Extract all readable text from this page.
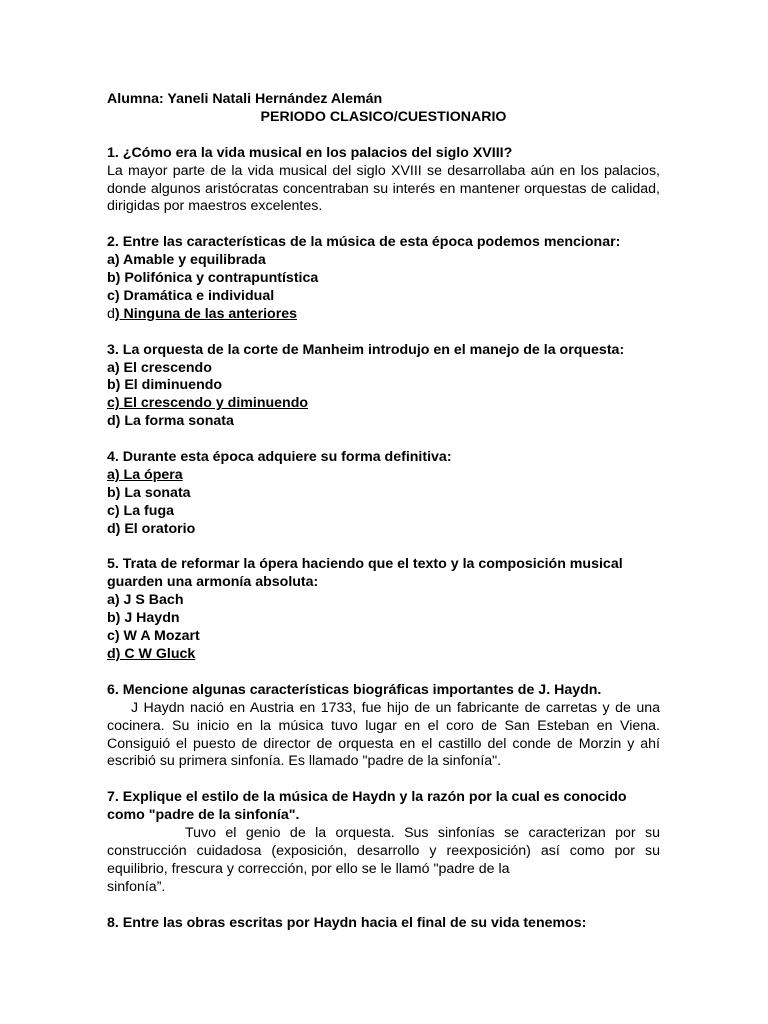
Alumna: Yaneli Natali Hernández Alemán
PERIODO CLASICO/CUESTIONARIO
1. ¿Cómo era la vida musical en los palacios del siglo XVIII?
La mayor parte de la vida musical del siglo XVIII se desarrollaba aún en los palacios, donde algunos aristócratas concentraban su interés en mantener orquestas de calidad, dirigidas por maestros excelentes.
2. Entre las características de la música de esta época podemos mencionar:
a) Amable y equilibrada
b) Polifónica y contrapuntística
c) Dramática e individual
d) Ninguna de las anteriores
3. La orquesta de la corte de Manheim introdujo en el manejo de la orquesta:
a) El crescendo
b) El diminuendo
c) El crescendo y diminuendo
d) La forma sonata
4. Durante esta época adquiere su forma definitiva:
a) La ópera
b) La sonata
c) La fuga
d) El oratorio
5. Trata de reformar la ópera haciendo que el texto y la composición musical
guarden una armonía absoluta:
a) J S Bach
b) J Haydn
c) W A Mozart
d) C W Gluck
6. Mencione algunas características biográficas importantes de J. Haydn.
J Haydn nació en Austria en 1733, fue hijo de un fabricante de carretas y de una cocinera. Su inicio en la música tuvo lugar en el coro de San Esteban en Viena. Consiguió el puesto de director de orquesta en el castillo del conde de Morzin y ahí escribió su primera sinfonía. Es llamado "padre de la sinfonía".
7. Explique el estilo de la música de Haydn y la razón por la cual es conocido
como "padre de la sinfonía".
Tuvo el genio de la orquesta. Sus sinfonías se caracterizan por su construcción cuidadosa (exposición, desarrollo y reexposición) así como por su equilibrio, frescura y corrección, por ello se le llamó "padre de la
sinfonía”.
8. Entre las obras escritas por Haydn hacia el final de su vida tenemos:
